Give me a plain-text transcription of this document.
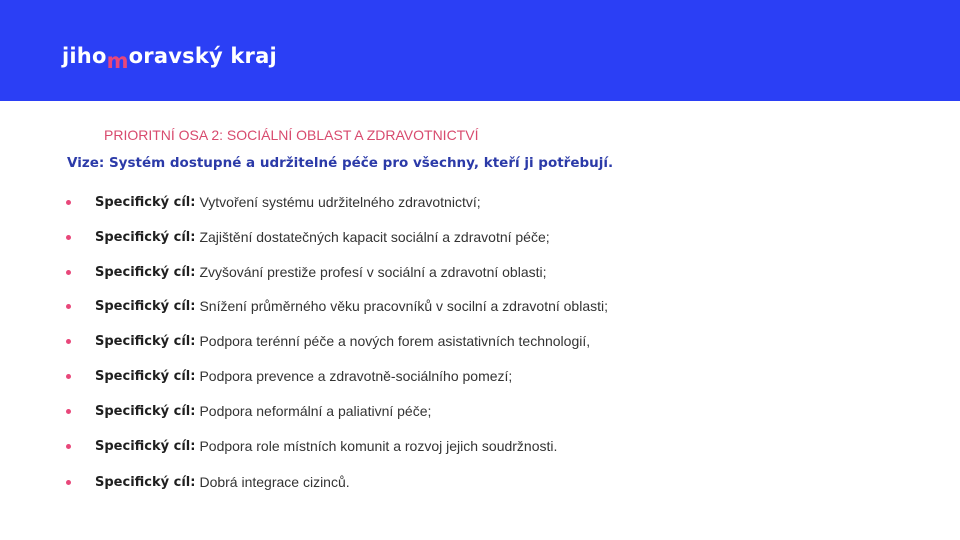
jihomoravský kraj
PRIORITNÍ OSA 2: SOCIÁLNÍ OBLAST A ZDRAVOTNICTVÍ
Vize: Systém dostupné a udržitelné péče pro všechny, kteří ji potřebují.
Specifický cíl: Vytvoření systému udržitelného zdravotnictví;
Specifický cíl: Zajištění dostatečných kapacit sociální a zdravotní péče;
Specifický cíl: Zvyšování prestiže profesí v sociální a zdravotní oblasti;
Specifický cíl: Snížení průměrného věku pracovníků v socilní a zdravotní oblasti;
Specifický cíl: Podpora terénní péče a nových forem asistativních technologií,
Specifický cíl: Podpora prevence a zdravotně-sociálního pomezí;
Specifický cíl: Podpora neformální a paliativní péče;
Specifický cíl: Podpora role místních komunit a rozvoj jejich soudržnosti.
Specifický cíl: Dobrá integrace cizinců.
